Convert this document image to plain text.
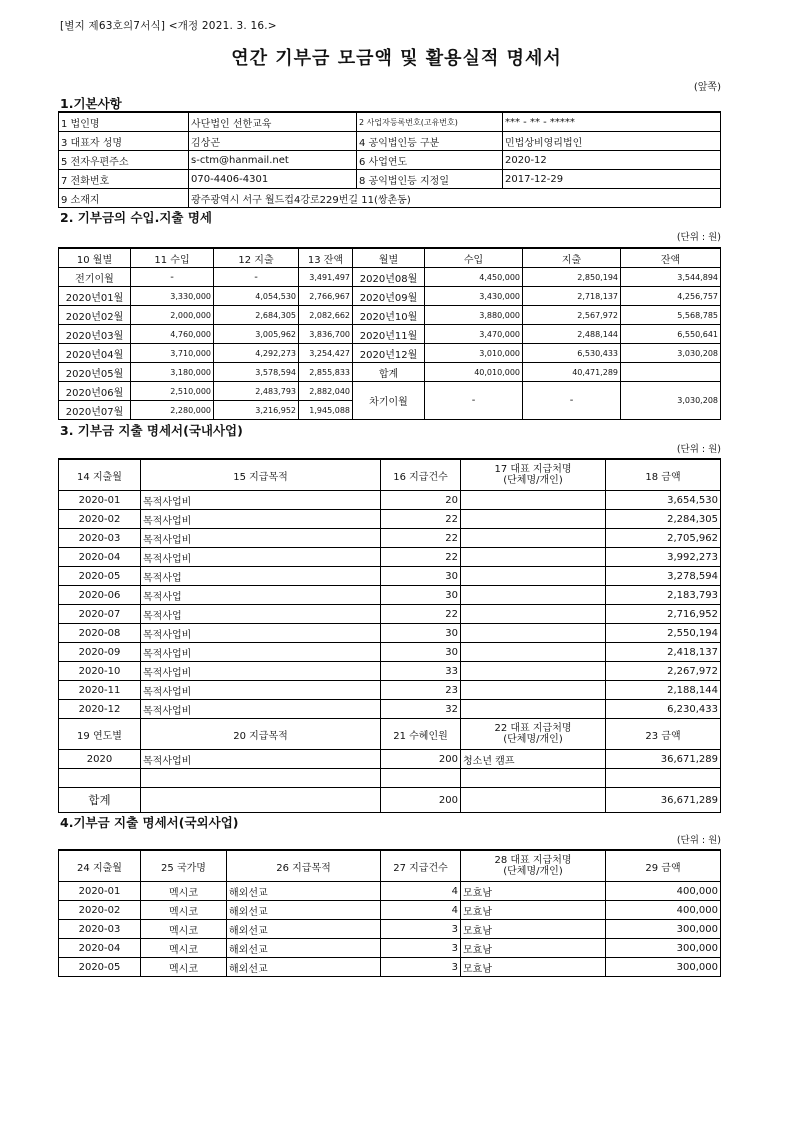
[별지 제63호의7서식] <개정 2021. 3. 16.>
연간 기부금 모금액 및 활용실적 명세서
(앞쪽)
1.기본사항
1 법인명	사단법인 선한교육	2 사업자등록번호(고유번호)	*** - ** - *****
3 대표자 성명	김상곤	4 공익법인등 구분	민법상비영리법인
5 전자우편주소	s-ctm@hanmail.net	6 사업연도	2020-12
7 전화번호	070-4406-4301	8 공익법인등 지정일	2017-12-29
9 소재지	광주광역시 서구 월드컵4강로229번길 11(쌍촌동)		
2. 기부금의 수입.지출 명세
(단위 : 원)
10 월별	11 수입	12 지출	13 잔액	월별	수입	지출	잔액
전기이월	-	-	3,491,497	2020년08월	4,450,000	2,850,194	3,544,894
2020년01월	3,330,000	4,054,530	2,766,967	2020년09월	3,430,000	2,718,137	4,256,757
2020년02월	2,000,000	2,684,305	2,082,662	2020년10월	3,880,000	2,567,972	5,568,785
2020년03월	4,760,000	3,005,962	3,836,700	2020년11월	3,470,000	2,488,144	6,550,641
2020년04월	3,710,000	4,292,273	3,254,427	2020년12월	3,010,000	6,530,433	3,030,208
2020년05월	3,180,000	3,578,594	2,855,833	합계	40,010,000	40,471,289	
2020년06월	2,510,000	2,483,793	2,882,040	차기이월	-	-	3,030,208
2020년07월	2,280,000	3,216,952	1,945,088				
3. 기부금 지출 명세서(국내사업)
(단위 : 원)
14 지출월	15 지급목적	16 지급건수	17 대표 지급처명
(단체명/개인)	18 금액
2020-01	목적사업비	20		3,654,530
2020-02	목적사업비	22		2,284,305
2020-03	목적사업비	22		2,705,962
2020-04	목적사업비	22		3,992,273
2020-05	목적사업	30		3,278,594
2020-06	목적사업	30		2,183,793
2020-07	목적사업	22		2,716,952
2020-08	목적사업비	30		2,550,194
2020-09	목적사업비	30		2,418,137
2020-10	목적사업비	33		2,267,972
2020-11	목적사업비	23		2,188,144
2020-12	목적사업비	32		6,230,433
19 연도별	20 지급목적	21 수혜인원	22 대표 지급처명
(단체명/개인)	23 금액
2020	목적사업비	200	청소년 캠프	36,671,289

합계		200		36,671,289
4.기부금 지출 명세서(국외사업)
(단위 : 원)
24 지출월	25 국가명	26 지급목적	27 지급건수	28 대표 지급처명
(단체명/개인)	29 금액
2020-01	멕시코	해외선교	4	모효남	400,000
2020-02	멕시코	해외선교	4	모효남	400,000
2020-03	멕시코	해외선교	3	모효남	300,000
2020-04	멕시코	해외선교	3	모효남	300,000
2020-05	멕시코	해외선교	3	모효남	300,000
